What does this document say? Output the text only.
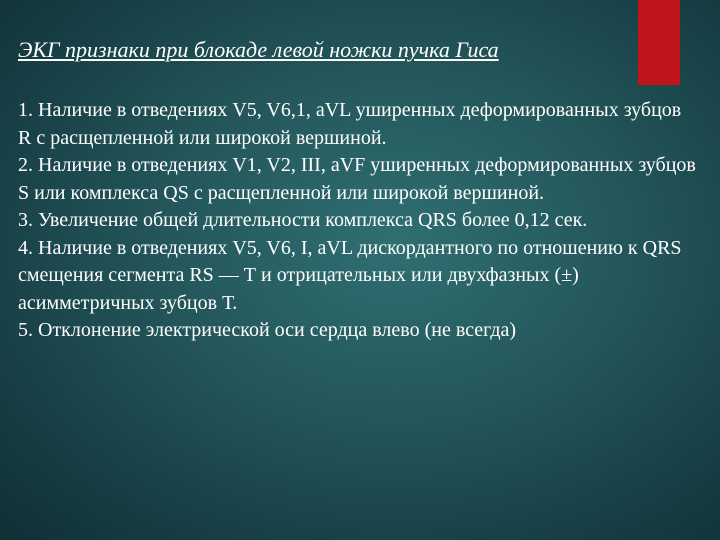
ЭКГ признаки при блокаде левой ножки пучка Гиса

1. Наличие в отведениях V5, V6,1, aVL уширенных деформированных зубцов R с расщепленной или широкой вершиной.

2. Наличие в отведениях V1, V2, III, aVF уширенных деформированных зубцов S или комплекса QS с расщепленной или широкой вершиной.

3. Увеличение общей длительности комплекса QRS более 0,12 сек.

4. Наличие в отведениях V5, V6, I, aVL дискордантного по отношению к QRS смещения сегмента RS — Т и отрицательных или двухфазных (±) асимметричных зубцов Т.

5. Отклонение электрической оси сердца влево (не всегда)
